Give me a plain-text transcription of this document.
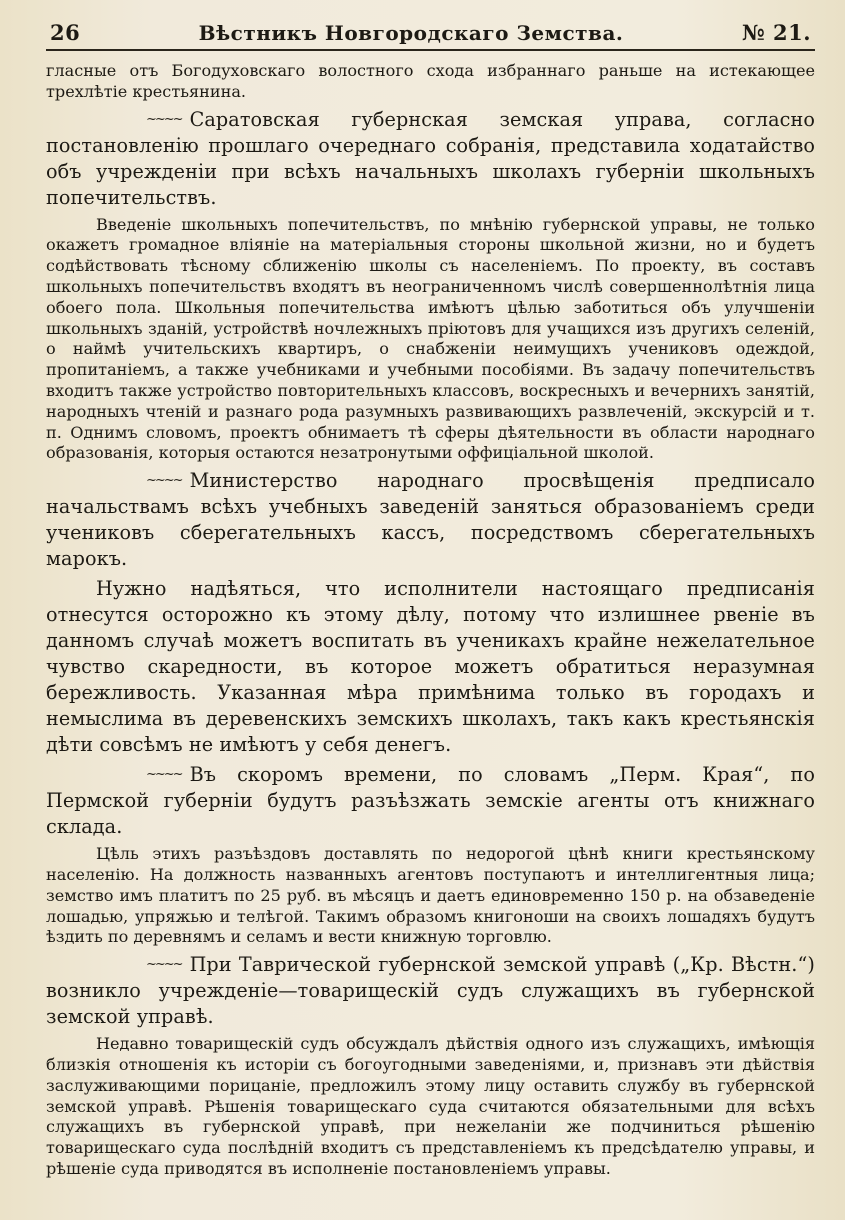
26	Вѣстникъ Новгородскаго Земства.	№ 21.

гласные отъ Богодуховскаго волостного схода избраннаго раньше на истекающее трехлѣтіе крестьянина.

~~~~ Саратовская губернская земская управа, согласно постановленію прошлаго очереднаго собранія, представила ходатайство объ учрежденіи при всѣхъ начальныхъ школахъ губерніи школьныхъ попечительствъ.

Введеніе школьныхъ попечительствъ, по мнѣнію губернской управы, не только окажетъ громадное вліяніе на матеріальныя стороны школьной жизни, но и будетъ содѣйствовать тѣсному сближенію школы съ населеніемъ. По проекту, въ составъ школьныхъ попечительствъ входятъ въ неограниченномъ числѣ совершеннолѣтнія лица обоего пола. Школьныя попечительства имѣютъ цѣлью заботиться объ улучшеніи школьныхъ зданій, устройствѣ ночлежныхъ пріютовъ для учащихся изъ другихъ селеній, о наймѣ учительскихъ квартиръ, о снабженіи неимущихъ учениковъ одеждой, пропитаніемъ, а также учебниками и учебными пособіями. Въ задачу попечительствъ входитъ также устройство повторительныхъ классовъ, воскресныхъ и вечернихъ занятій, народныхъ чтеній и разнаго рода разумныхъ развивающихъ развлеченій, экскурсій и т. п. Однимъ словомъ, проектъ обнимаетъ тѣ сферы дѣятельности въ области народнаго образованія, которыя остаются незатронутыми оффиціальной школой.

~~~~ Министерство народнаго просвѣщенія предписало начальствамъ всѣхъ учебныхъ заведеній заняться образованіемъ среди учениковъ сберегательныхъ кассъ, посредствомъ сберегательныхъ марокъ.

Нужно надѣяться, что исполнители настоящаго предписанія отнесутся осторожно къ этому дѣлу, потому что излишнее рвеніе въ данномъ случаѣ можетъ воспитать въ ученикахъ крайне нежелательное чувство скаредности, въ которое можетъ обратиться неразумная бережливость. Указанная мѣра примѣнима только въ городахъ и немыслима въ деревенскихъ земскихъ школахъ, такъ какъ крестьянскія дѣти совсѣмъ не имѣютъ у себя денегъ.

~~~~ Въ скоромъ времени, по словамъ „Перм. Края“, по Пермской губерніи будутъ разъѣзжать земскіе агенты отъ книжнаго склада.

Цѣль этихъ разъѣздовъ доставлять по недорогой цѣнѣ книги крестьянскому населенію. На должность названныхъ агентовъ поступаютъ и интеллигентныя лица; земство имъ платитъ по 25 руб. въ мѣсяцъ и даетъ единовременно 150 р. на обзаведеніе лошадью, упряжью и телѣгой. Такимъ образомъ книгоноши на своихъ лошадяхъ будутъ ѣздить по деревнямъ и селамъ и вести книжную торговлю.

~~~~ При Таврической губернской земской управѣ („Кр. Вѣстн.“) возникло учрежденіе—товарищескій судъ служащихъ въ губернской земской управѣ.

Недавно товарищескій судъ обсуждалъ дѣйствія одного изъ служащихъ, имѣющія близкія отношенія къ исторіи съ богоугодными заведеніями, и, признавъ эти дѣйствія заслуживающими порицаніе, предложилъ этому лицу оставить службу въ губернской земской управѣ. Рѣшенія товарищескаго суда считаются обязательными для всѣхъ служащихъ въ губернской управѣ, при нежеланіи же подчиниться рѣшенію товарищескаго суда послѣдній входитъ съ представленіемъ къ предсѣдателю управы, и рѣшеніе суда приводятся въ исполненіе постановленіемъ управы.
